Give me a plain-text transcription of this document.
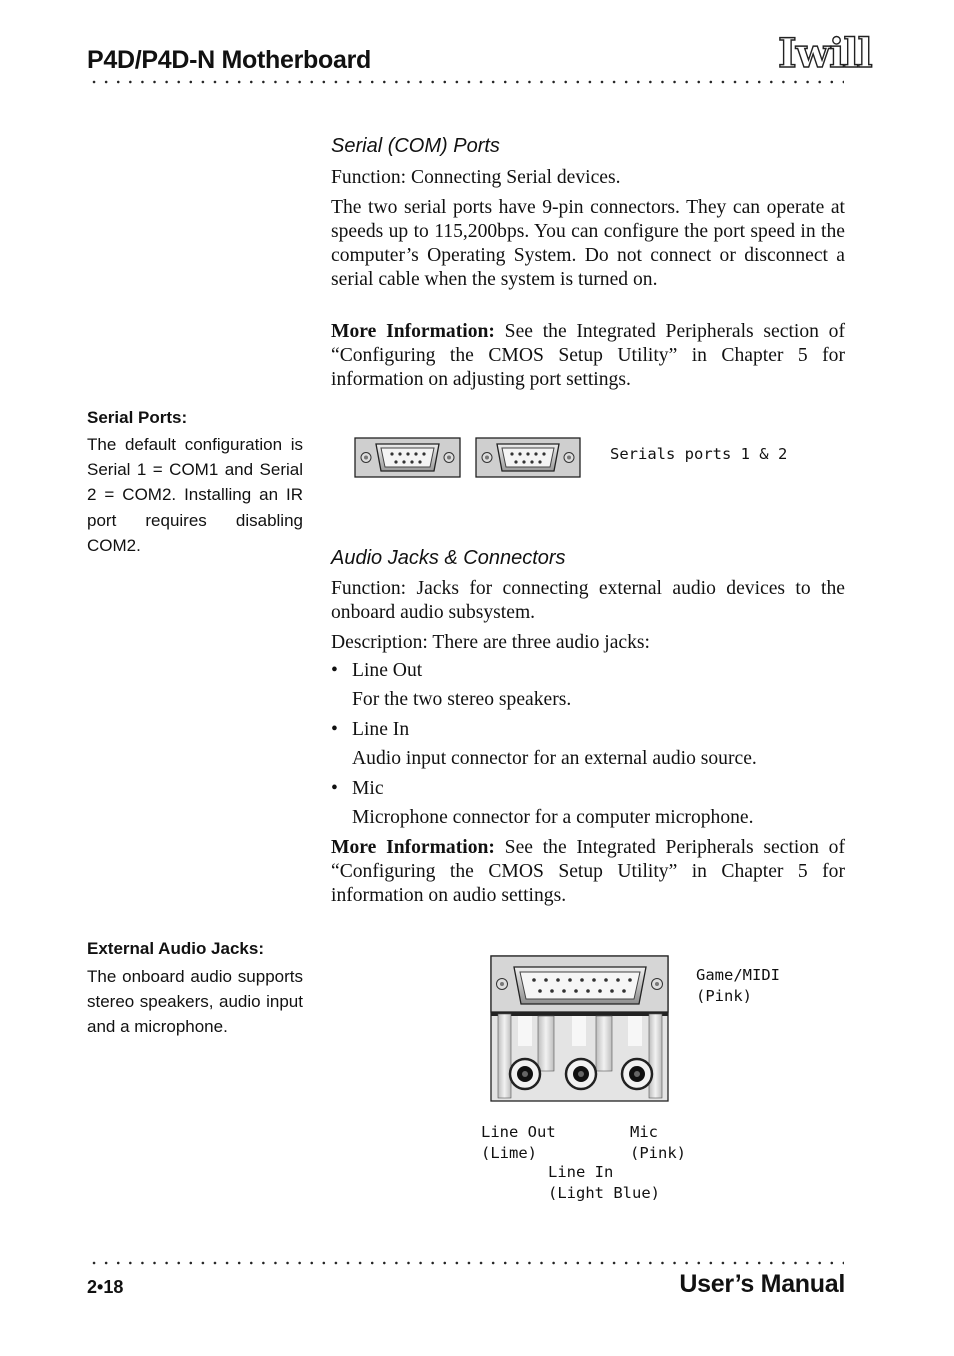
P4D/P4D-N Motherboard	Iwill
Serial (COM) Ports
Function: Connecting Serial devices.
The two serial ports have 9-pin connectors. They can operate at speeds up to 115,200bps. You can configure the port speed in the computer’s Operating System. Do not connect or disconnect a serial cable when the system is turned on.
More Information: See the Integrated Peripherals section of “Configuring the CMOS Setup Utility” in Chapter 5 for information on adjusting port settings.
Serial Ports:
The default configuration is Serial 1 = COM1 and Serial 2 = COM2. Installing an IR port requires disabling COM2.
Serials ports 1 & 2
Audio Jacks & Connectors
Function: Jacks for connecting external audio devices to the onboard audio subsystem.
Description: There are three audio jacks:
• Line Out
For the two stereo speakers.
• Line In
Audio input connector for an external audio source.
• Mic
Microphone connector for a computer microphone.
More Information: See the Integrated Peripherals section of “Configuring the CMOS Setup Utility” in Chapter 5 for information on audio settings.
External Audio Jacks:
The onboard audio supports stereo speakers, audio input and a microphone.
Game/MIDI
(Pink)
Line Out
(Lime)
Mic
(Pink)
Line In
(Light Blue)
2•18	User’s Manual
